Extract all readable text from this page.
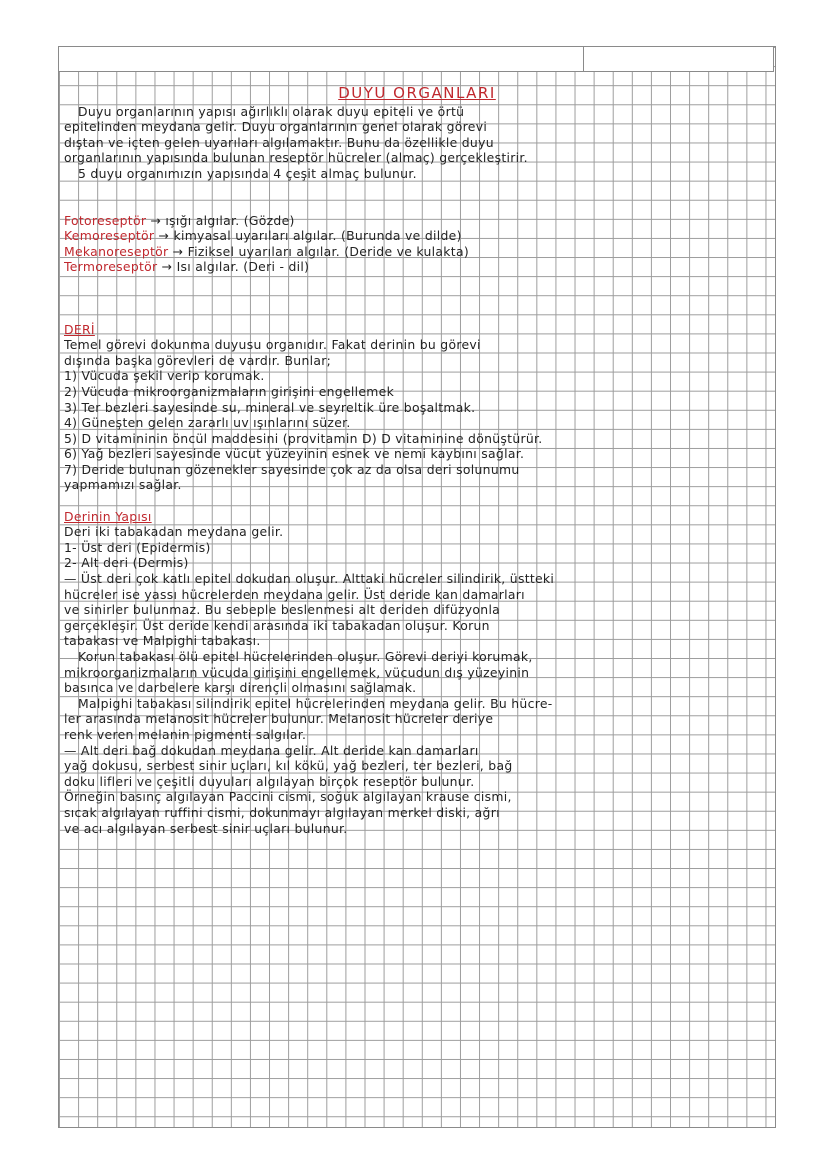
DUYU ORGANLARI
Duyu organlarının yapısı ağırlıklı olarak duyu epiteli ve örtü
epitelinden meydana gelir. Duyu organlarının genel olarak görevi
dıştan ve içten gelen uyarıları algılamaktır. Bunu da özellikle duyu
organlarının yapısında bulunan reseptör hücreler (almaç) gerçekleştirir.
5 duyu organımızın yapısında 4 çeşit almaç bulunur.
Fotoreseptör → ışığı algılar. (Gözde)
Kemoreseptör → kimyasal uyarıları algılar. (Burunda ve dilde)
Mekanoreseptör → Fiziksel uyarıları algılar. (Deride ve kulakta)
Termoreseptör → Isı algılar. (Deri - dil)
DERİ
Temel görevi dokunma duyusu organıdır. Fakat derinin bu görevi
dışında başka görevleri de vardır. Bunlar;
1) Vücuda şekil verip korumak.
2) Vücuda mikroorganizmaların girişini engellemek
3) Ter bezleri sayesinde su, mineral ve seyreltik üre boşaltmak.
4) Güneşten gelen zararlı uv ışınlarını süzer.
5) D vitamininin öncül maddesini (provitamin D) D vitaminine dönüştürür.
6) Yağ bezleri sayesinde vücut yüzeyinin esnek ve nemi kaybını sağlar.
7) Deride bulunan gözenekler sayesinde çok az da olsa deri solunumu
yapmamızı sağlar.
Derinin Yapısı
Deri iki tabakadan meydana gelir.
1- Üst deri (Epidermis)
2- Alt deri (Dermis)
— Üst deri çok katlı epitel dokudan oluşur. Alttaki hücreler silindirik, üstteki
hücreler ise yassı hücrelerden meydana gelir. Üst deride kan damarları
ve sinirler bulunmaz. Bu sebeple beslenmesi alt deriden difüzyonla
gerçekleşir. Üst deride kendi arasında iki tabakadan oluşur. Korun
tabakası ve Malpighi tabakası.
Korun tabakası ölü epitel hücrelerinden oluşur. Görevi deriyi korumak,
mikroorganizmaların vücuda girişini engellemek, vücudun dış yüzeyinin
basınca ve darbelere karşı dirençli olmasını sağlamak.
Malpighi tabakası silindirik epitel hücrelerinden meydana gelir. Bu hücre-
ler arasında melanosit hücreler bulunur. Melanosit hücreler deriye
renk veren melanin pigmenti salgılar.
— Alt deri bağ dokudan meydana gelir. Alt deride kan damarları
yağ dokusu, serbest sinir uçları, kıl kökü, yağ bezleri, ter bezleri, bağ
doku lifleri ve çeşitli duyuları algılayan birçok reseptör bulunur.
Örneğin basınç algılayan Paccini cismi, soğuk algılayan krause cismi,
sıcak algılayan ruffini cismi, dokunmayı algılayan merkel diski, ağrı
ve acı algılayan serbest sinir uçları bulunur.
